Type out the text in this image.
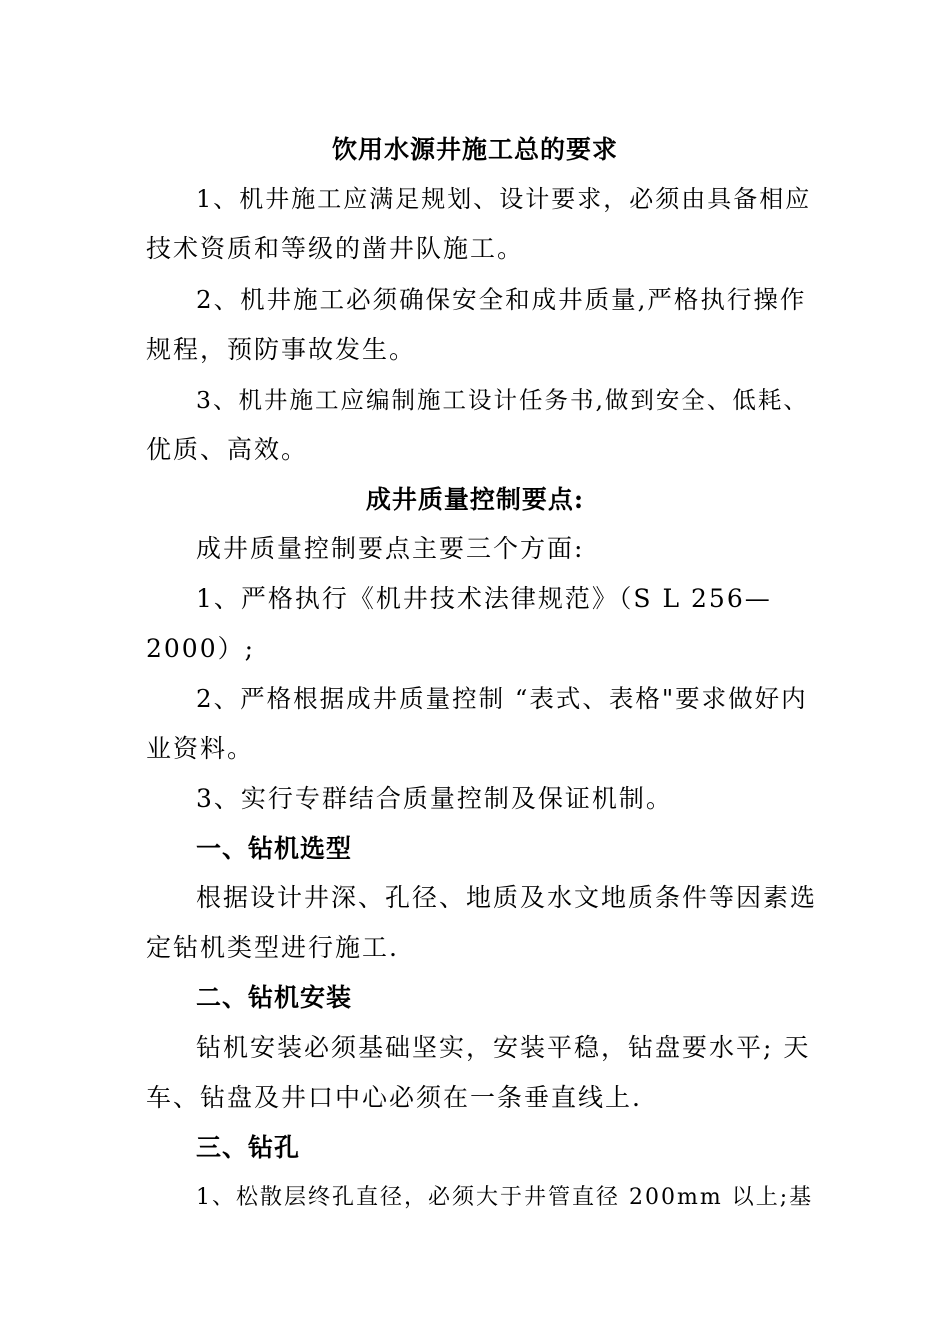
饮用水源井施工总的要求
1、机井施工应满足规划、设计要求，必须由具备相应
技术资质和等级的凿井队施工。
2、机井施工必须确保安全和成井质量,严格执行操作
规程，预防事故发生。
3、机井施工应编制施工设计任务书,做到安全、低耗、
优质、高效。
成井质量控制要点:
成井质量控制要点主要三个方面:
1、严格执行《机井技术法律规范》（S L 256—
2000）;
2、严格根据成井质量控制 “表式、表格"要求做好内
业资料。
3、实行专群结合质量控制及保证机制。
一、钻机选型
根据设计井深、孔径、地质及水文地质条件等因素选
定钻机类型进行施工.
二、钻机安装
钻机安装必须基础坚实，安装平稳，钻盘要水平; 天
车、钻盘及井口中心必须在一条垂直线上.
三、钻孔
1、松散层终孔直径，必须大于井管直径 200mm 以上;基
